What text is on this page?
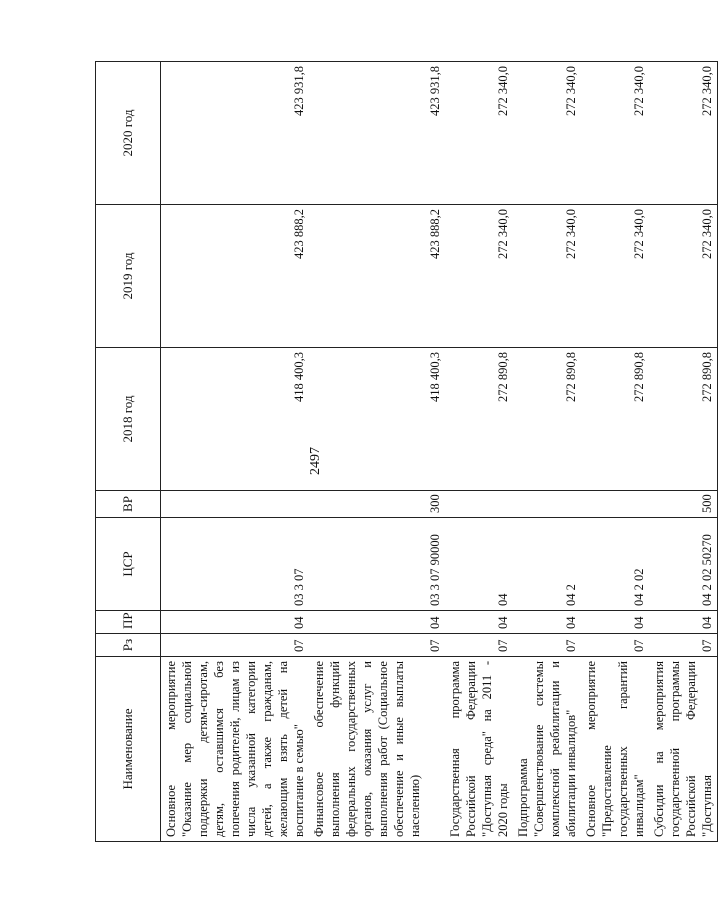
2497
Наименование	Рз	ПР	ЦСР	ВР	2018 год	2019 год	2020 год
Основное мероприятие "Оказание мер социальной поддержки детям-сиротам, детям, оставшимся без попечения родителей, лицам из числа указанной категории детей, а также гражданам, желающим взять детей на воспитание в семью"	07	04	03 3 07		418 400,3	423 888,2	423 931,8
Финансовое обеспечение выполнения функций федеральных государственных органов, оказания услуг и выполнения работ (Социальное обеспечение и иные выплаты населению)	07	04	03 3 07 90000	300	418 400,3	423 888,2	423 931,8
Государственная программа Российской Федерации "Доступная среда" на 2011 - 2020 годы	07	04	04		272 890,8	272 340,0	272 340,0
Подпрограмма "Совершенствование системы комплексной реабилитации и абилитации инвалидов"	07	04	04 2		272 890,8	272 340,0	272 340,0
Основное мероприятие "Предоставление государственных гарантий инвалидам"	07	04	04 2 02		272 890,8	272 340,0	272 340,0
Субсидии на мероприятия государственной программы Российской Федерации "Доступная	07	04	04 2 02 50270	500	272 890,8	272 340,0	272 340,0
